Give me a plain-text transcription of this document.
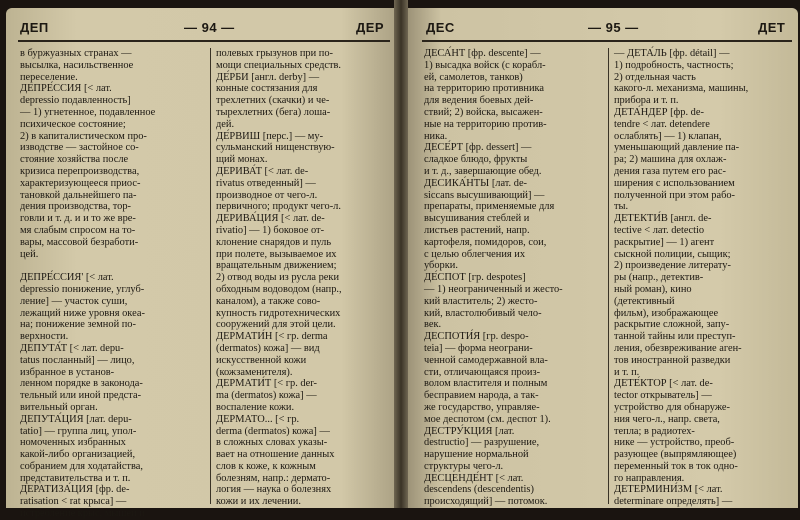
ДЕП	— 94 —	ДЕР
в буржуазных странах —
высылка, насильственное
переселение.
ДЕПРЕ́ССИЯ [< лат.
depressio подавленность]
— 1) угнетенное, подавленное
психическое состояние;
2) в капиталистическом про-
изводстве — застойное со-
стояние хозяйства после
кризиса перепроизводства,
характеризующееся приос-
тановкой дальнейшего па-
дения производства, тор-
говли и т. д. и и то же вре-
мя слабым спросом на то-
вары, массовой безработи-
цей.
ДЕПРЕ́ССИЯ' [< лат.
depressio понижение, углуб-
ление] — участок суши,
лежащий ниже уровня океа-
на; понижение земной по-
верхности.
ДЕПУТА́Т [< лат. depu-
tatus посланный] — лицо,
избранное в установ-
ленном порядке в законода-
тельный или иной предста-
вительный орган.
ДЕПУТА́ЦИЯ [лат. depu-
tatio] — группа лиц, упол-
номоченных избранных
какой-либо организацией,
собранием для ходатайства,
представительства и т. п.
ДЕРАТИЗА́ЦИЯ [фр. de-
ratisation < rat крыса] —
истребление крыс, мышей и
полевых грызунов при по-
мощи специальных средств.
ДЕ́РБИ [англ. derby] —
конные состязания для
трехлетних (скачки) и че-
тырехлетних (бега) лоша-
дей.
ДЕ́РВИШ [перс.] — му-
сульманский нищенствую-
щий монах.
ДЕРИВА́Т [< лат. de-
rivatus отведенный] —
производное от чего-л.
первичного; продукт чего-л.
ДЕРИВА́ЦИЯ [< лат. de-
rivatio] — 1) боковое от-
клонение снарядов и пуль
при полете, вызываемое их
вращательным движением;
2) отвод воды из русла реки
обходным водоводом (напр.,
каналом), а также сово-
купность гидротехнических
сооружений для этой цели.
ДЕРМАТИ́Н [< гр. derma
(dermatos) кожа] — вид
искусственной кожи
(кожзаменителя).
ДЕРМАТИ́Т [< гр. der-
ma (dermatos) кожа] —
воспаление кожи.
ДЕРМАТО... [< гр.
derma (dermatos) кожа] —
в сложных словах указы-
вает на отношение данных
слов к коже, к кожным
болезням, напр.: дермато-
логия — наука о болезнях
кожи и их лечении.
ДЕС	— 95 —	ДЕТ
ДЕСА́НТ [фр. descente] —
1) высадка войск (с корабл-
ей, самолетов, танков)
на территорию противника
для ведения боевых дей-
ствий; 2) войска, высажен-
ные на территорию против-
ника.
ДЕСЕ́РТ [фр. dessert] —
сладкое блюдо, фрукты
и т. д., завершающие обед.
ДЕСИКА́НТЫ [лат. de-
siccans высушивающий] —
препараты, применяемые для
высушивания стеблей и
листьев растений, напр.
картофеля, помидоров, сои,
с целью облегчения их
уборки.
ДЕ́СПОТ [гр. despotes]
— 1) неограниченный и жесто-
кий властитель; 2) жесто-
кий, властолюбивый чело-
век.
ДЕСПОТИ́Я [гр. despo-
teia] — форма неограни-
ченной самодержавной вла-
сти, отличающаяся произ-
волом властителя и полным
бесправием народа, а так-
же государство, управляе-
мое деспотом (см. деспот 1).
ДЕСТРУ́КЦИЯ [лат.
destructio] — разрушение,
нарушение нормальной
структуры чего-л.
ДЕСЦЕНДЕ́НТ [< лат.
descendens (descendentis)
происходящий] — потомок.
— ДЕТА́ЛЬ [фр. détail] —
1) подробность, частность;
2) отдельная часть
какого-л. механизма, машины,
прибора и т. п.
ДЕТА́НДЕР [фр. de-
tendre < лат. detendere
ослаблять] — 1) клапан,
уменьшающий давление па-
ра; 2) машина для охлаж-
дения газа путем его рас-
ширения с использованием
полученной при этом рабо-
ты.
ДЕТЕКТИ́В [англ. de-
tective < лат. detectio
раскрытие] — 1) агент
сыскной полиции, сыщик;
2) произведение литерату-
ры (напр., детектив-
ный роман), кино
(детективный
фильм), изображающее
раскрытие сложной, запу-
танной тайны или преступ-
ления, обезвреживание аген-
тов иностранной разведки
и т. п.
ДЕТЕ́КТОР [< лат. de-
tector открыватель] —
устройство для обнаруже-
ния чего-л., напр. света,
тепла; в радиотех-
нике — устройство, преоб-
разующее (выпрямляющее)
переменный ток в ток одно-
го направления.
ДЕТЕРМИНИ́ЗМ [< лат.
determinare определять] —
